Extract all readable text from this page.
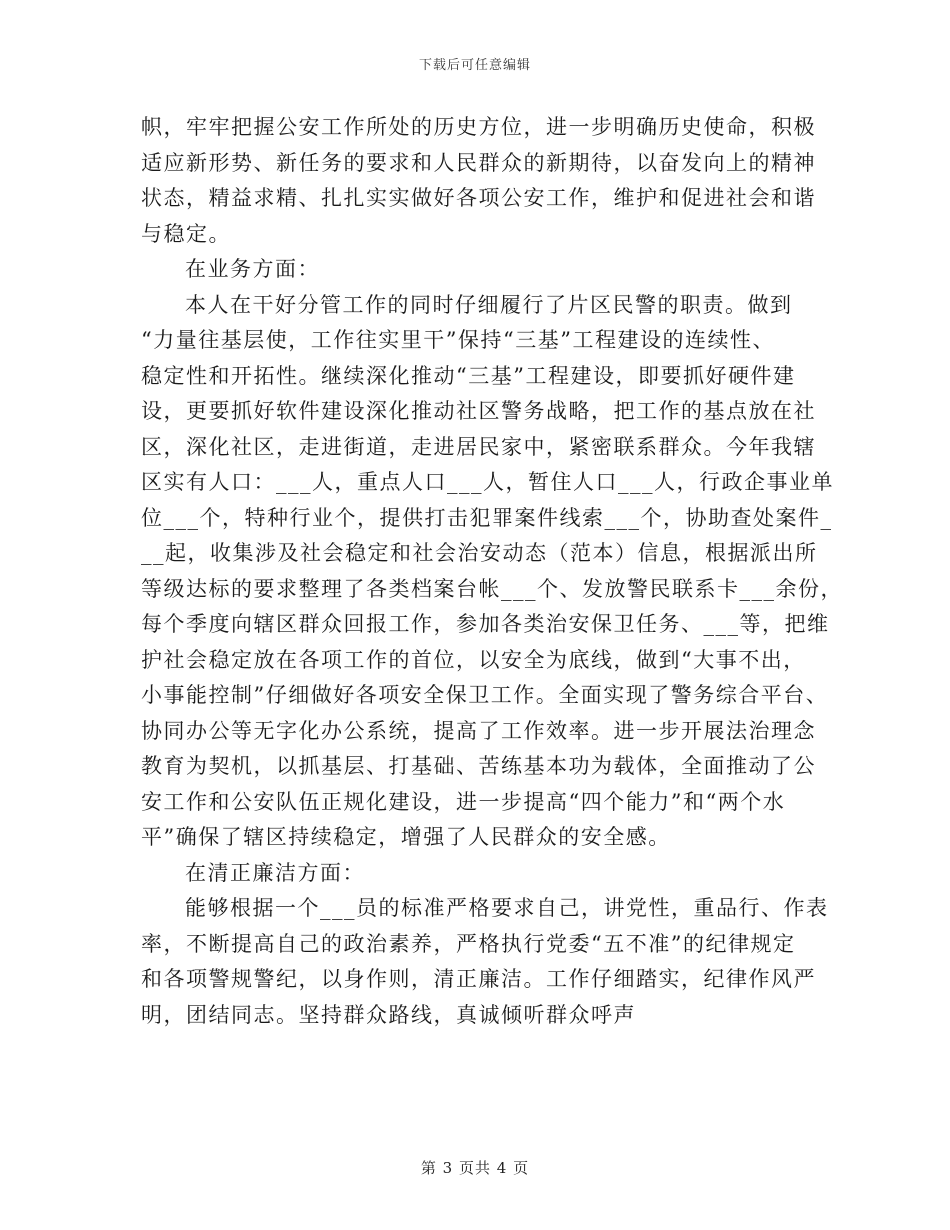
下载后可任意编辑
帜，牢牢把握公安工作所处的历史方位，进一步明确历史使命，积极
适应新形势、新任务的要求和人民群众的新期待，以奋发向上的精神
状态，精益求精、扎扎实实做好各项公安工作，维护和促进社会和谐
与稳定。
在业务方面：
本人在干好分管工作的同时仔细履行了片区民警的职责。做到
“力量往基层使，工作往实里干”保持“三基”工程建设的连续性、
稳定性和开拓性。继续深化推动“三基”工程建设，即要抓好硬件建
设，更要抓好软件建设深化推动社区警务战略，把工作的基点放在社
区，深化社区，走进街道，走进居民家中，紧密联系群众。今年我辖
区实有人口：___人，重点人口___人，暂住人口___人，行政企事业单
位___个，特种行业个，提供打击犯罪案件线索___个，协助查处案件_
__起，收集涉及社会稳定和社会治安动态（范本）信息，根据派出所
等级达标的要求整理了各类档案台帐___个、发放警民联系卡___余份，
每个季度向辖区群众回报工作，参加各类治安保卫任务、___等，把维
护社会稳定放在各项工作的首位，以安全为底线，做到“大事不出，
小事能控制”仔细做好各项安全保卫工作。全面实现了警务综合平台、
协同办公等无字化办公系统，提高了工作效率。进一步开展法治理念
教育为契机，以抓基层、打基础、苦练基本功为载体，全面推动了公
安工作和公安队伍正规化建设，进一步提高“四个能力”和“两个水
平”确保了辖区持续稳定，增强了人民群众的安全感。
在清正廉洁方面：
能够根据一个___员的标准严格要求自己，讲党性，重品行、作表
率，不断提高自己的政治素养，严格执行党委“五不准”的纪律规定
和各项警规警纪，以身作则，清正廉洁。工作仔细踏实，纪律作风严
明，团结同志。坚持群众路线，真诚倾听群众呼声
第 3 页共 4 页
